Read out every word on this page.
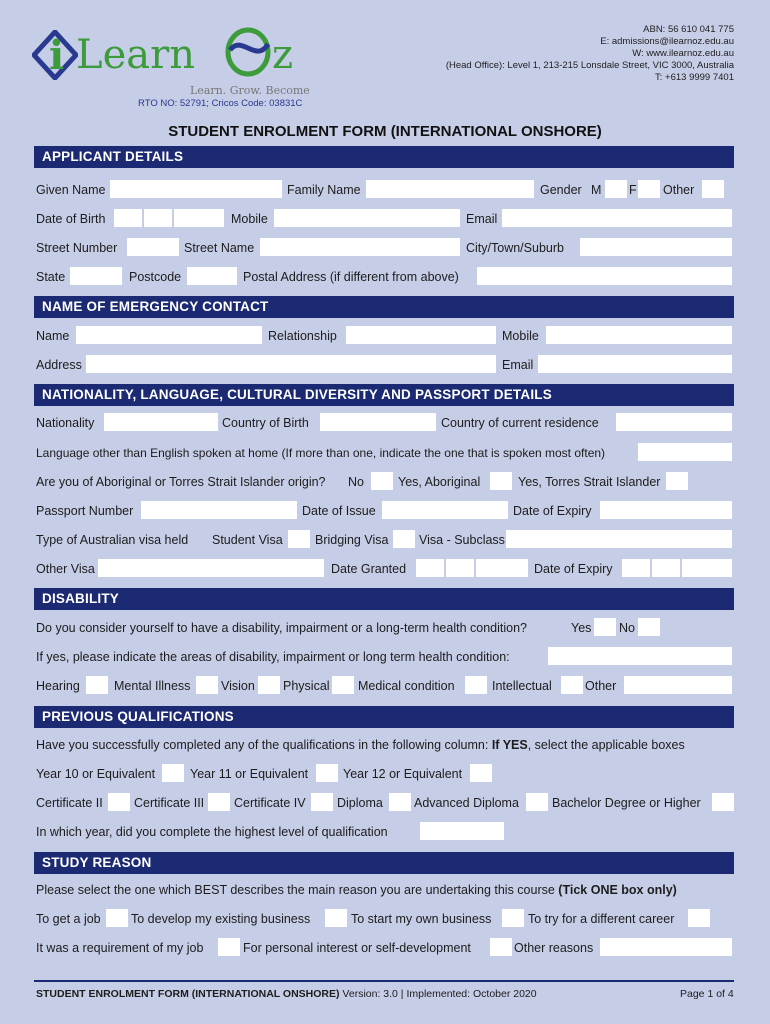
i Learn z
Learn. Grow. Become
RTO NO: 52791; Cricos Code: 03831C
ABN: 56 610 041 775
E: admissions@ilearnoz.edu.au
W: www.ilearnoz.edu.au
(Head Office): Level 1, 213-215 Lonsdale Street, VIC 3000, Australia
T: +613 9999 7401
STUDENT ENROLMENT FORM (INTERNATIONAL ONSHORE)
APPLICANT DETAILS
Given Name	Family Name	Gender M F Other
Date of Birth	Mobile	Email
Street Number	Street Name	City/Town/Suburb
State	Postcode	Postal Address (if different from above)
NAME OF EMERGENCY CONTACT
Name	Relationship	Mobile
Address	Email
NATIONALITY, LANGUAGE, CULTURAL DIVERSITY AND PASSPORT DETAILS
Nationality	Country of Birth	Country of current residence
Language other than English spoken at home (If more than one, indicate the one that is spoken most often)
Are you of Aboriginal or Torres Strait Islander origin? No	Yes, Aboriginal	Yes, Torres Strait Islander
Passport Number	Date of Issue	Date of Expiry
Type of Australian visa held Student Visa	Bridging Visa Visa - Subclass
Other Visa	Date Granted	Date of Expiry
DISABILITY
Do you consider yourself to have a disability, impairment or a long-term health condition?	Yes No
If yes, please indicate the areas of disability, impairment or long term health condition:
Hearing	Mental Illness Vision Physical Medical condition	Intellectual	Other
PREVIOUS QUALIFICATIONS
Have you successfully completed any of the qualifications in the following column: If YES, select the applicable boxes
Year 10 or Equivalent	Year 11 or Equivalent	Year 12 or Equivalent
Certificate II	Certificate III Certificate IV	Diploma Advanced Diploma	Bachelor Degree or Higher
In which year, did you complete the highest level of qualification
STUDY REASON
Please select the one which BEST describes the main reason you are undertaking this course (Tick ONE box only)
To get a job To develop my existing business	To start my own business	To try for a different career
It was a requirement of my job	For personal interest or self-development	Other reasons
STUDENT ENROLMENT FORM (INTERNATIONAL ONSHORE) Version: 3.0 | Implemented: October 2020	Page 1 of 4
